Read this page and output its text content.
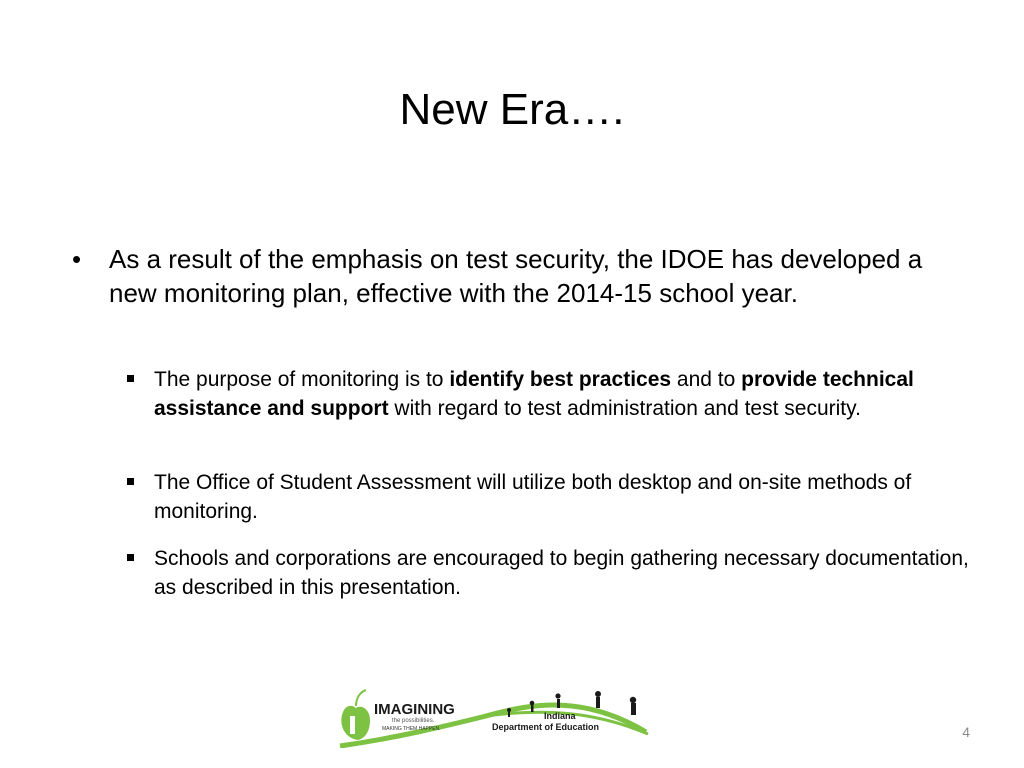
New Era….
•	As a result of the emphasis on test security, the IDOE has developed a new monitoring plan, effective with the 2014-15 school year.
The purpose of monitoring is to identify best practices and to provide technical assistance and support with regard to test administration and test security.
The Office of Student Assessment will utilize both desktop and on-site methods of monitoring.
Schools and corporations are encouraged to begin gathering necessary documentation, as described in this presentation.
IMAGINING
the possibilities.
MAKING THEM HAPPEN.
Indiana
Department of Education	4
